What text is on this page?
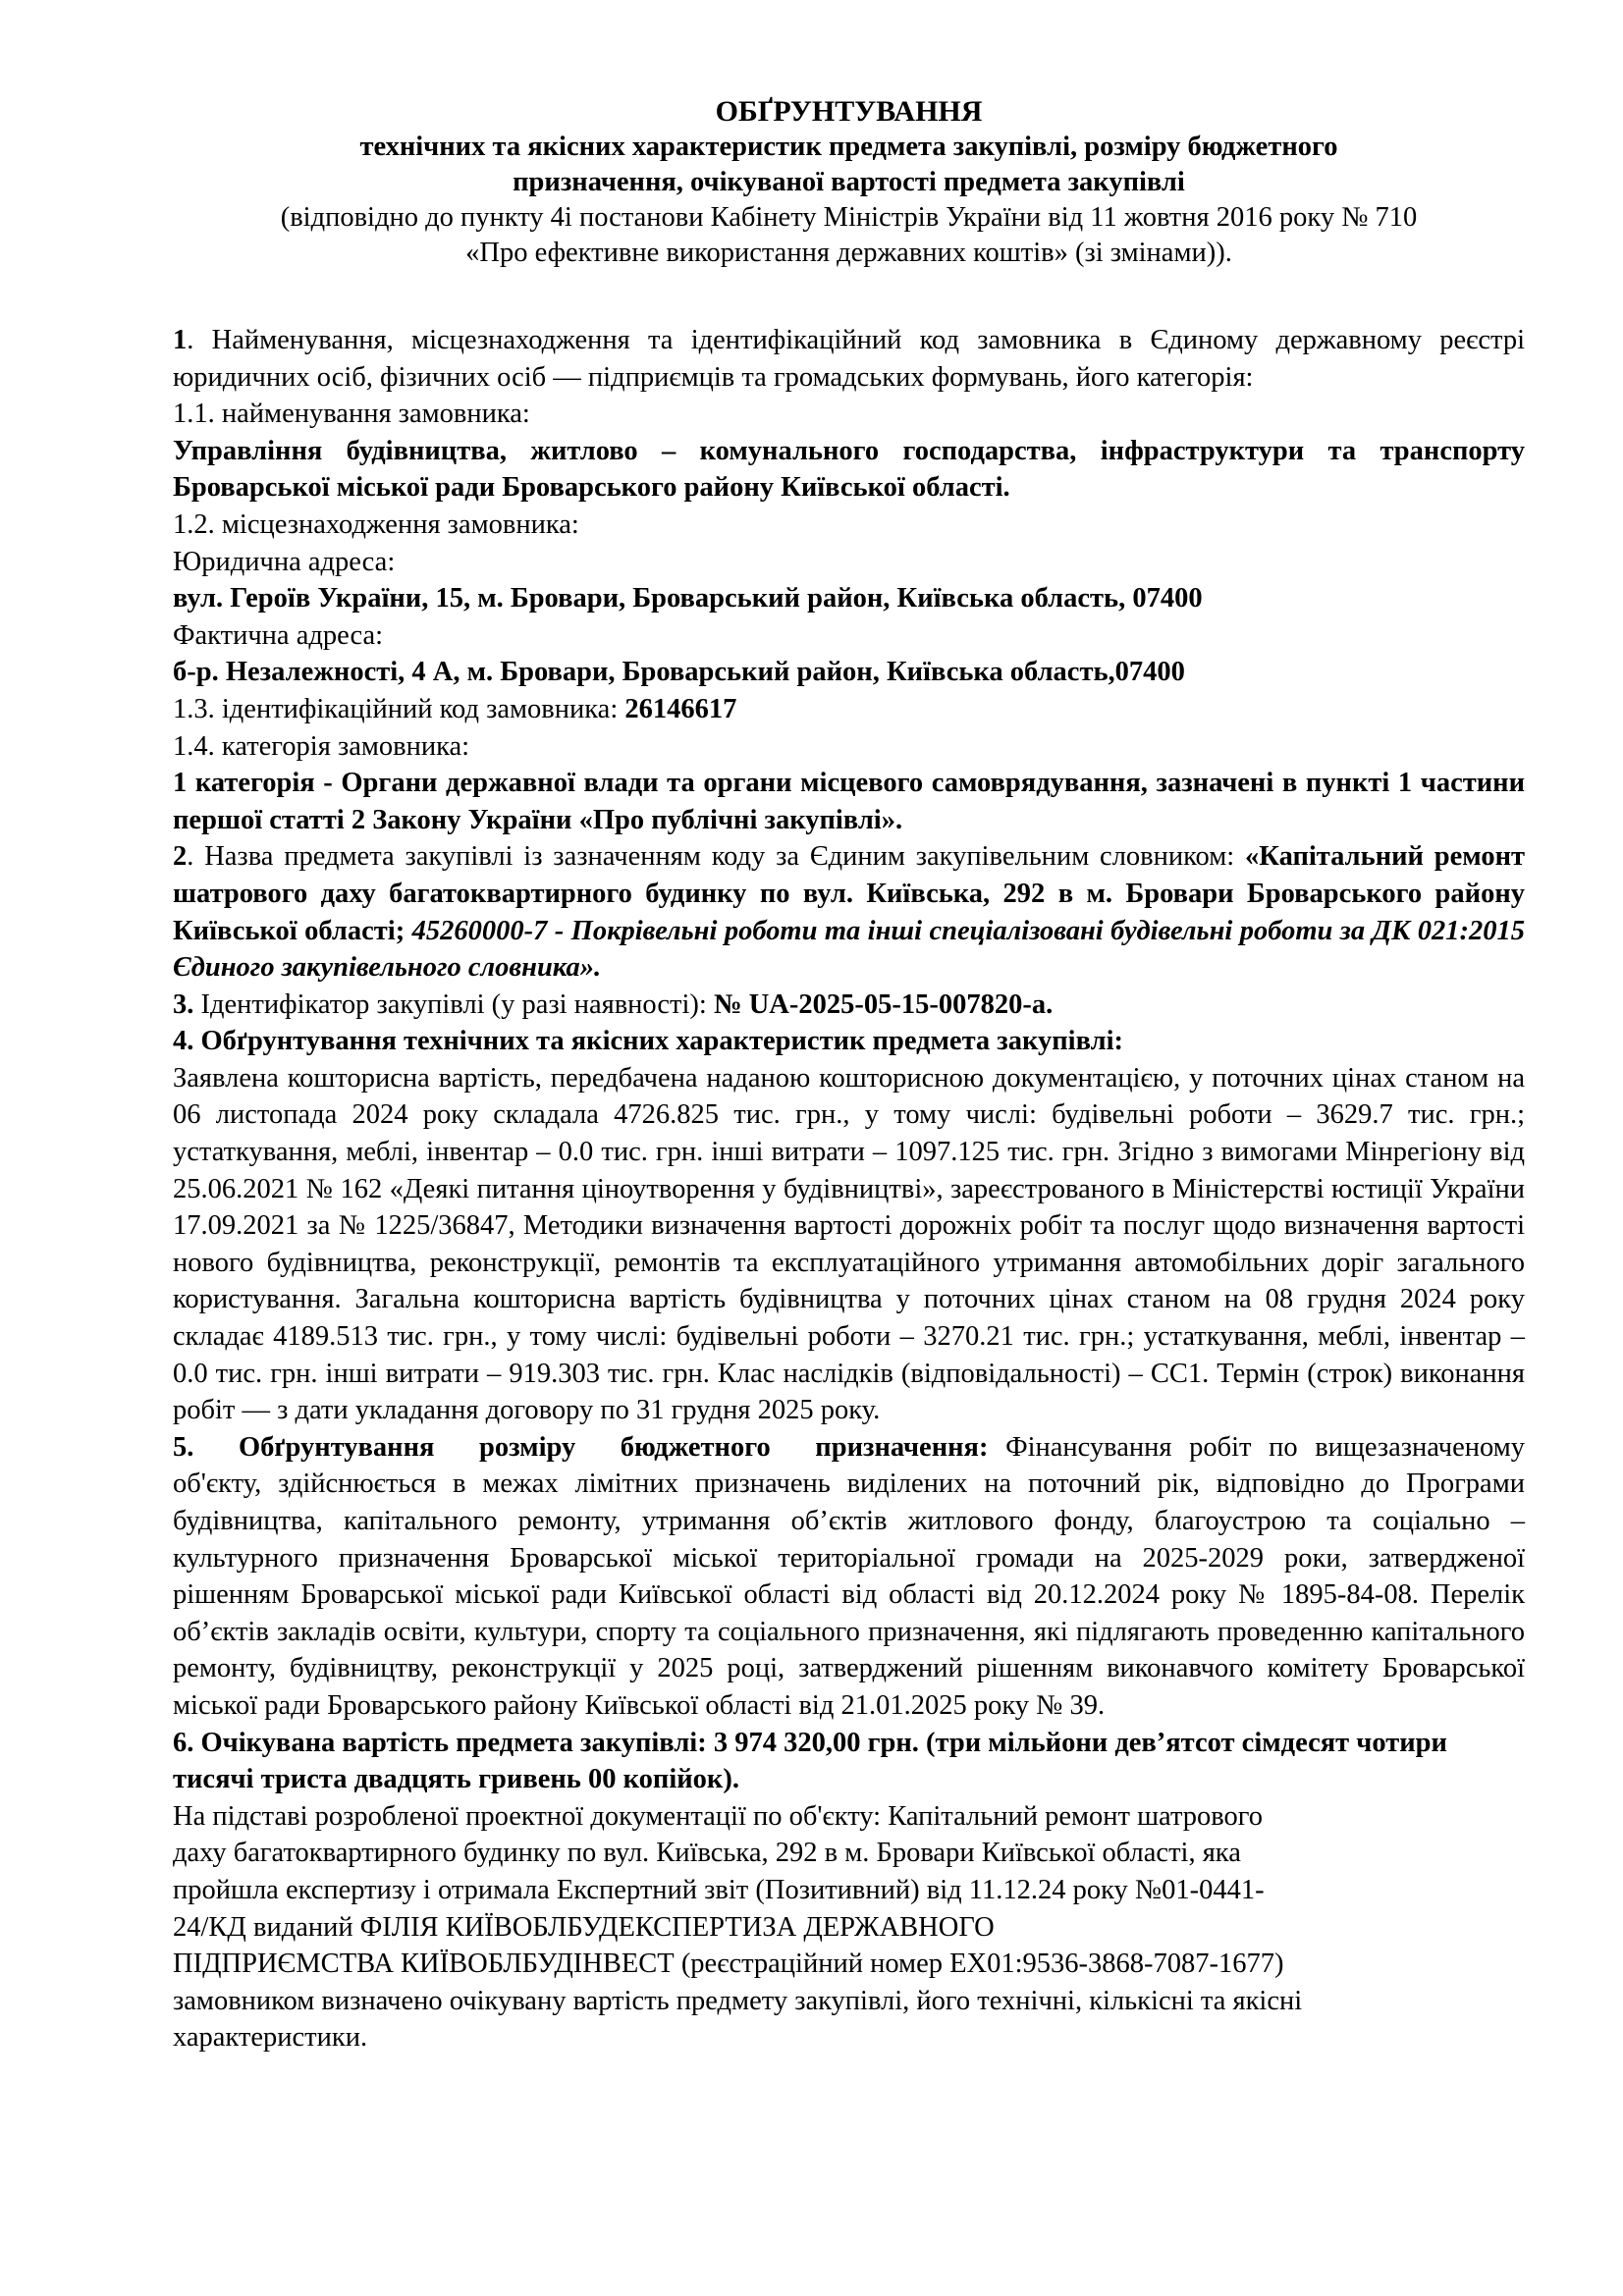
ОБҐРУНТУВАННЯ
технічних та якісних характеристик предмета закупівлі, розміру бюджетного
призначення, очікуваної вартості предмета закупівлі
(відповідно до пункту 4і постанови Кабінету Міністрів України від 11 жовтня 2016 року № 710
«Про ефективне використання державних коштів» (зі змінами)).

1. Найменування, місцезнаходження та ідентифікаційний код замовника в Єдиному державному реєстрі юридичних осіб, фізичних осіб — підприємців та громадських формувань, його категорія:

1.1. найменування замовника:

Управління будівництва, житлово – комунального господарства, інфраструктури та транспорту Броварської міської ради Броварського району Київської області.

1.2. місцезнаходження замовника:

Юридична адреса:

вул. Героїв України, 15, м. Бровари, Броварський район, Київська область, 07400

Фактична адреса:

б-р. Незалежності, 4 А, м. Бровари, Броварський район, Київська область,07400

1.3. ідентифікаційний код замовника: 26146617

1.4. категорія замовника:

1 категорія - Органи державної влади та органи місцевого самоврядування, зазначені в пункті 1 частини першої статті 2 Закону України «Про публічні закупівлі».

2. Назва предмета закупівлі із зазначенням коду за Єдиним закупівельним словником: «Капітальний ремонт шатрового даху багатоквартирного будинку по вул. Київська, 292 в м. Бровари Броварського району Київської області; 45260000-7 - Покрівельні роботи та інші спеціалізовані будівельні роботи за ДК 021:2015 Єдиного закупівельного словника».

3. Ідентифікатор закупівлі (у разі наявності): № UA-2025-05-15-007820-a.

4. Обґрунтування технічних та якісних характеристик предмета закупівлі:

Заявлена кошторисна вартість, передбачена наданою кошторисною документацією, у поточних цінах станом на 06 листопада 2024 року складала 4726.825 тис. грн., у тому числі: будівельні роботи – 3629.7 тис. грн.; устаткування, меблі, інвентар – 0.0 тис. грн. інші витрати – 1097.125 тис. грн. Згідно з вимогами Мінрегіону від 25.06.2021 № 162 «Деякі питання ціноутворення у будівництві», зареєстрованого в Міністерстві юстиції України 17.09.2021 за № 1225/36847, Методики визначення вартості дорожніх робіт та послуг щодо визначення вартості нового будівництва, реконструкції, ремонтів та експлуатаційного утримання автомобільних доріг загального користування. Загальна кошторисна вартість будівництва у поточних цінах станом на 08 грудня 2024 року складає 4189.513 тис. грн., у тому числі: будівельні роботи – 3270.21 тис. грн.; устаткування, меблі, інвентар – 0.0 тис. грн. інші витрати – 919.303 тис. грн. Клас наслідків (відповідальності) – СС1. Термін (строк) виконання робіт — з дати укладання договору по 31 грудня 2025 року.

5. Обґрунтування розміру бюджетного призначення: Фінансування робіт по вищезазначеному об'єкту, здійснюється в межах лімітних призначень виділених на поточний рік, відповідно до Програми будівництва, капітального ремонту, утримання об’єктів житлового фонду, благоустрою та соціально – культурного призначення Броварської міської територіальної громади на 2025-2029 роки, затвердженої рішенням Броварської міської ради Київської області від області від 20.12.2024 року № 1895-84-08. Перелік об’єктів закладів освіти, культури, спорту та соціального призначення, які підлягають проведенню капітального ремонту, будівництву, реконструкції у 2025 році, затверджений рішенням виконавчого комітету Броварської міської ради Броварського району Київської області від 21.01.2025 року № 39.

6. Очікувана вартість предмета закупівлі: 3 974 320,00 грн. (три мільйони дев’ятсот сімдесят чотири тисячі триста двадцять гривень 00 копійок).

На підставі розробленої проектної документації по об'єкту: Капітальний ремонт шатрового

даху багатоквартирного будинку по вул. Київська, 292 в м. Бровари Київської області, яка

пройшла експертизу і отримала Експертний звіт (Позитивний) від 11.12.24 року №01-0441-

24/КД виданий ФІЛІЯ КИЇВОБЛБУДЕКСПЕРТИЗА ДЕРЖАВНОГО

ПІДПРИЄМСТВА КИЇВОБЛБУДІНВЕСТ (реєстраційний номер ЕХ01:9536-3868-7087-1677)

замовником визначено очікувану вартість предмету закупівлі, його технічні, кількісні та якісні

характеристики.
